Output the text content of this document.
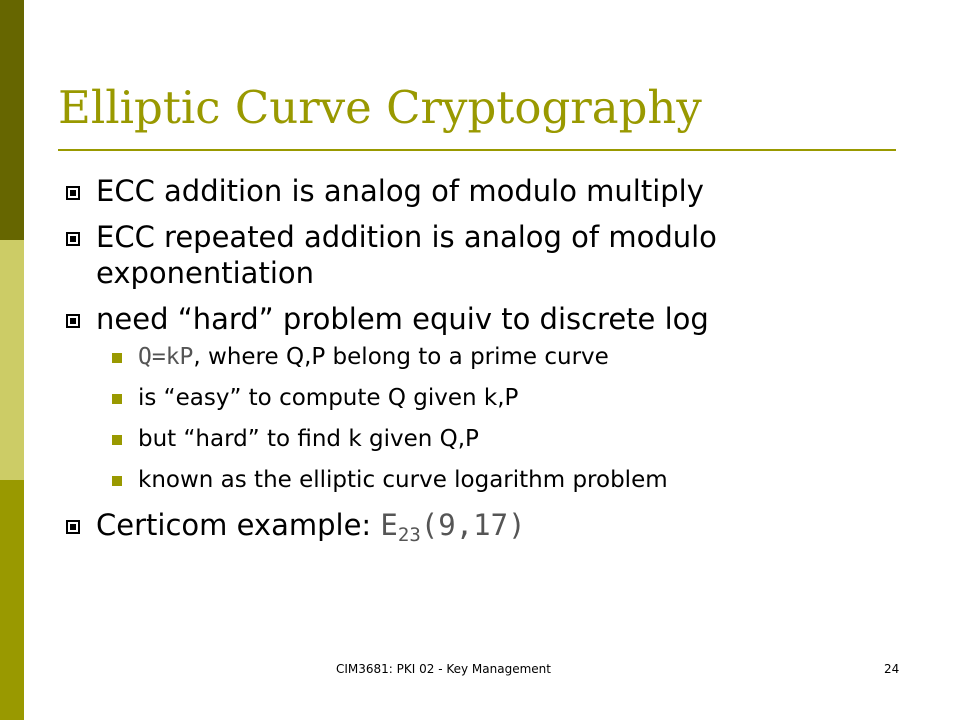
Elliptic Curve Cryptography
ECC addition is analog of modulo multiply
ECC repeated addition is analog of modulo exponentiation
need “hard” problem equiv to discrete log
Q=kP, where Q,P belong to a prime curve
is “easy” to compute Q given k,P
but “hard” to find k given Q,P
known as the elliptic curve logarithm problem
Certicom example: $E_{23}(9,17)$
CIM3681: PKI 02 - Key Management	24
